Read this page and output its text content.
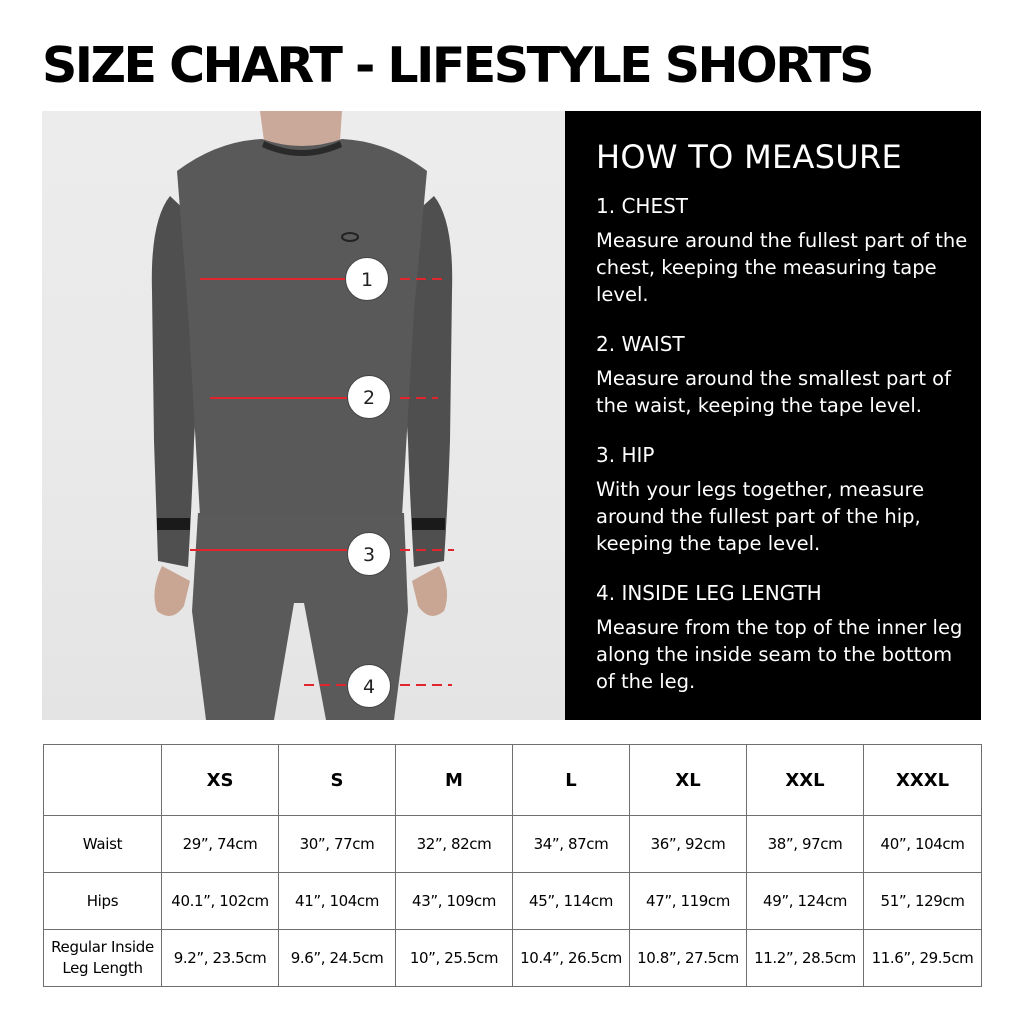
SIZE CHART - LIFESTYLE SHORTS
1
2
3
4
HOW TO MEASURE
1. CHEST
Measure around the fullest part of the chest, keeping the measuring tape level.
2. WAIST
Measure around the smallest part of the waist, keeping the tape level.
3. HIP
With your legs together, measure around the fullest part of the hip, keeping the tape level.
4. INSIDE LEG LENGTH
Measure from the top of the inner leg along the inside seam to the bottom of the leg.
	XS	S	M	L	XL	XXL	XXXL
Waist	29”, 74cm	30”, 77cm	32”, 82cm	34”, 87cm	36”, 92cm	38”, 97cm	40”, 104cm
Hips	40.1”, 102cm	41”, 104cm	43”, 109cm	45”, 114cm	47”, 119cm	49”, 124cm	51”, 129cm
Regular Inside Leg Length	9.2”, 23.5cm	9.6”, 24.5cm	10”, 25.5cm	10.4”, 26.5cm	10.8”, 27.5cm	11.2”, 28.5cm	11.6”, 29.5cm
